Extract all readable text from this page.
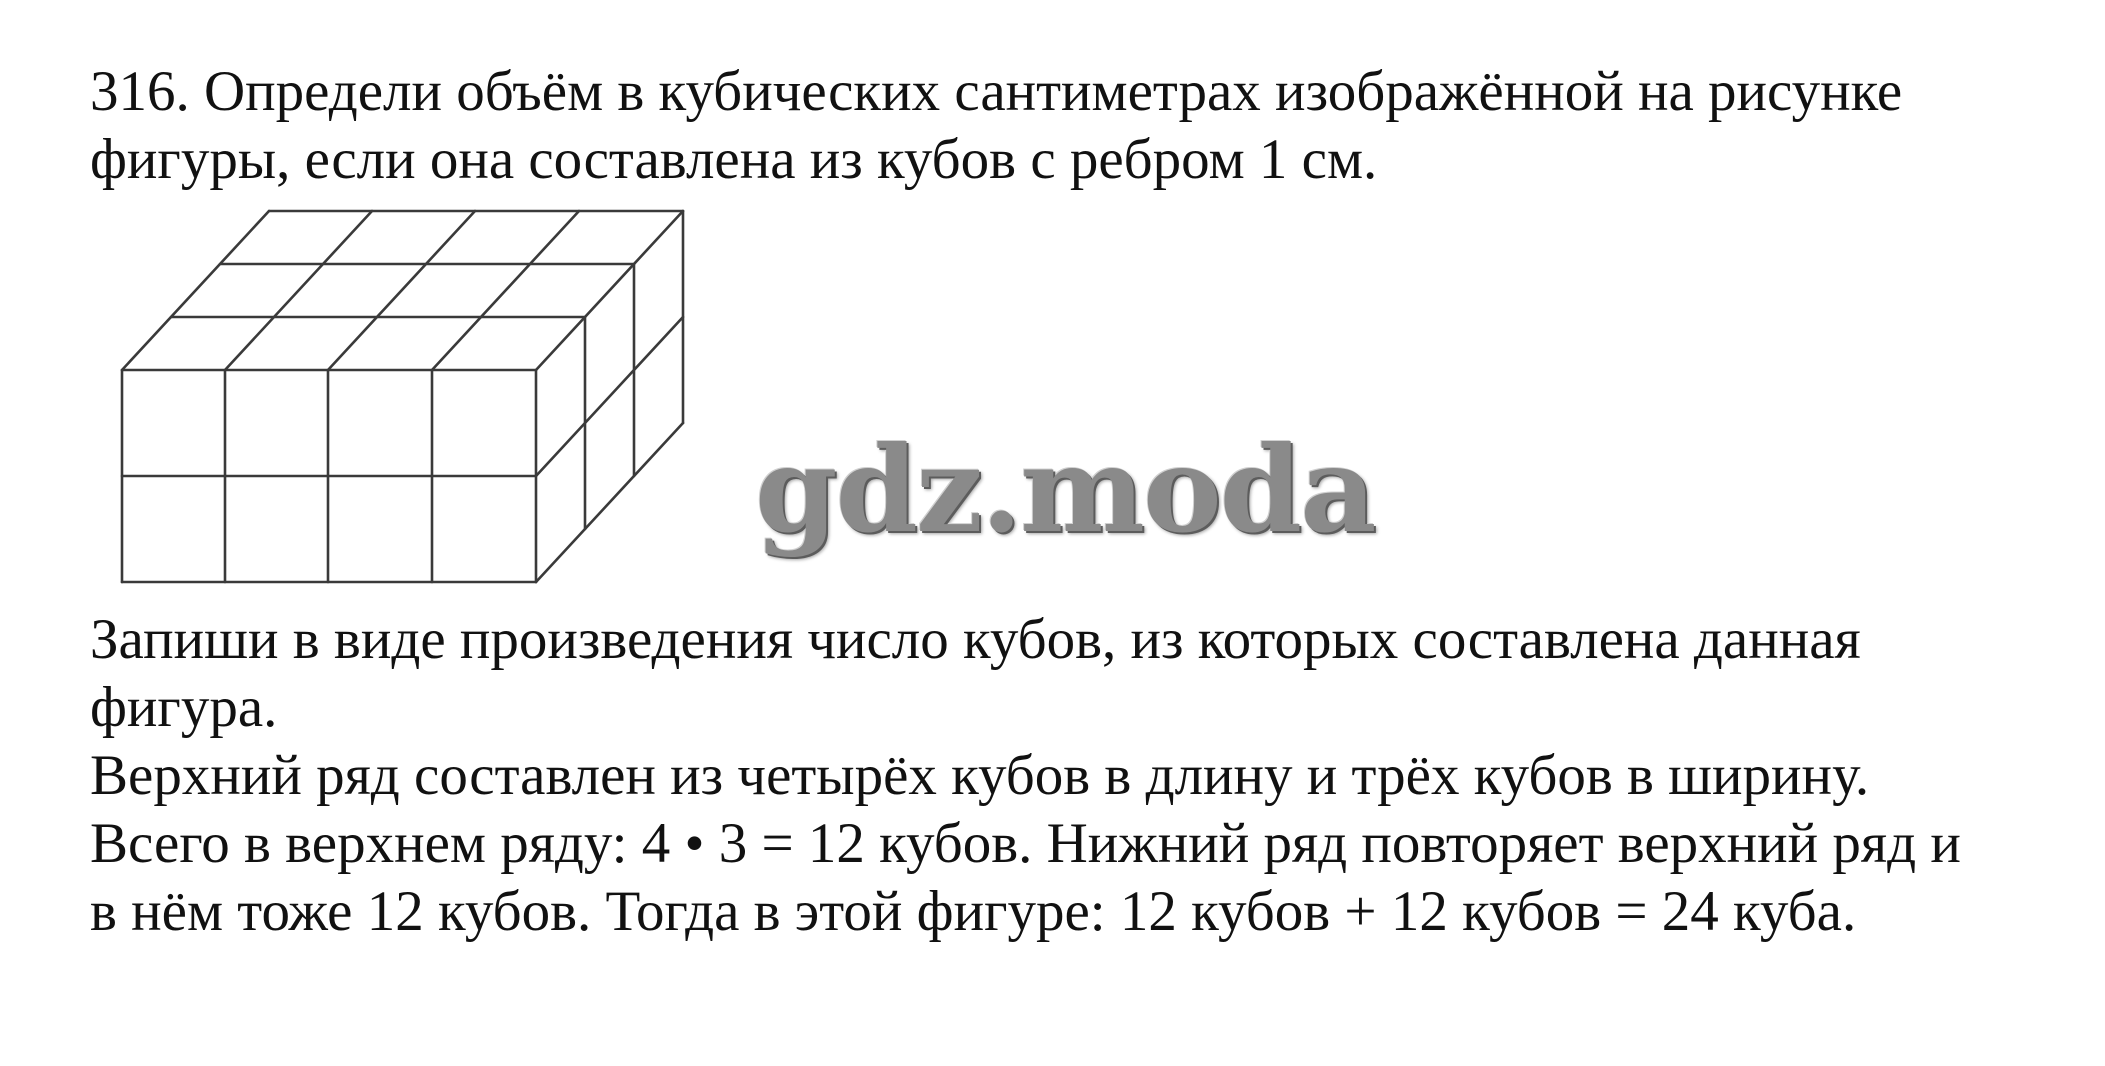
316. Определи объём в кубических сантиметрах изображённой на рисунке
фигуры, если она составлена из кубов с ребром 1 см.
gdz.moda
Запиши в виде произведения число кубов, из которых составлена данная
фигура.
Верхний ряд составлен из четырёх кубов в длину и трёх кубов в ширину.
Всего в верхнем ряду: 4 • 3 = 12 кубов. Нижний ряд повторяет верхний ряд и
в нём тоже 12 кубов. Тогда в этой фигуре: 12 кубов + 12 кубов = 24 куба.
